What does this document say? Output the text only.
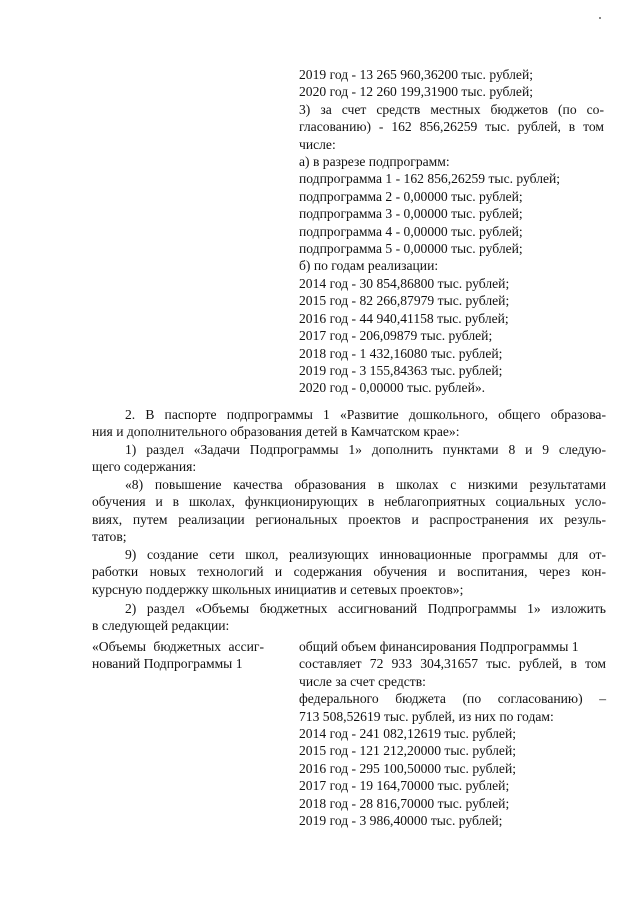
2019 год - 13 265 960,36200 тыс. рублей;
2020 год - 12 260 199,31900 тыс. рублей;
3) за счет средств местных бюджетов (по со-
гласованию) - 162 856,26259 тыс. рублей, в том
числе:
а) в разрезе подпрограмм:
подпрограмма 1 - 162 856,26259 тыс. рублей;
подпрограмма 2 - 0,00000 тыс. рублей;
подпрограмма 3 - 0,00000 тыс. рублей;
подпрограмма 4 - 0,00000 тыс. рублей;
подпрограмма 5 - 0,00000 тыс. рублей;
б) по годам реализации:
2014 год - 30 854,86800 тыс. рублей;
2015 год - 82 266,87979 тыс. рублей;
2016 год - 44 940,41158 тыс. рублей;
2017 год - 206,09879 тыс. рублей;
2018 год - 1 432,16080 тыс. рублей;
2019 год - 3 155,84363 тыс. рублей;
2020 год - 0,00000 тыс. рублей».
2. В паспорте подпрограммы 1 «Развитие дошкольного, общего образова-
ния и дополнительного образования детей в Камчатском крае»:
1) раздел «Задачи Подпрограммы 1» дополнить пунктами 8 и 9 следую-
щего содержания:
«8) повышение качества образования в школах с низкими результатами
обучения и в школах, функционирующих в неблагоприятных социальных усло-
виях, путем реализации региональных проектов и распространения их резуль-
татов;
9) создание сети школ, реализующих инновационные программы для от-
работки новых технологий и содержания обучения и воспитания, через кон-
курсную поддержку школьных инициатив и сетевых проектов»;
2) раздел «Объемы бюджетных ассигнований Подпрограммы 1» изложить
в следующей редакции:
«Объемы бюджетных ассиг-
нований Подпрограммы 1
общий объем финансирования Подпрограммы 1
составляет 72 933 304,31657 тыс. рублей, в том
числе за счет средств:
федерального бюджета (по согласованию) –
713 508,52619 тыс. рублей, из них по годам:
2014 год - 241 082,12619 тыс. рублей;
2015 год - 121 212,20000 тыс. рублей;
2016 год - 295 100,50000 тыс. рублей;
2017 год - 19 164,70000 тыс. рублей;
2018 год - 28 816,70000 тыс. рублей;
2019 год - 3 986,40000 тыс. рублей;
